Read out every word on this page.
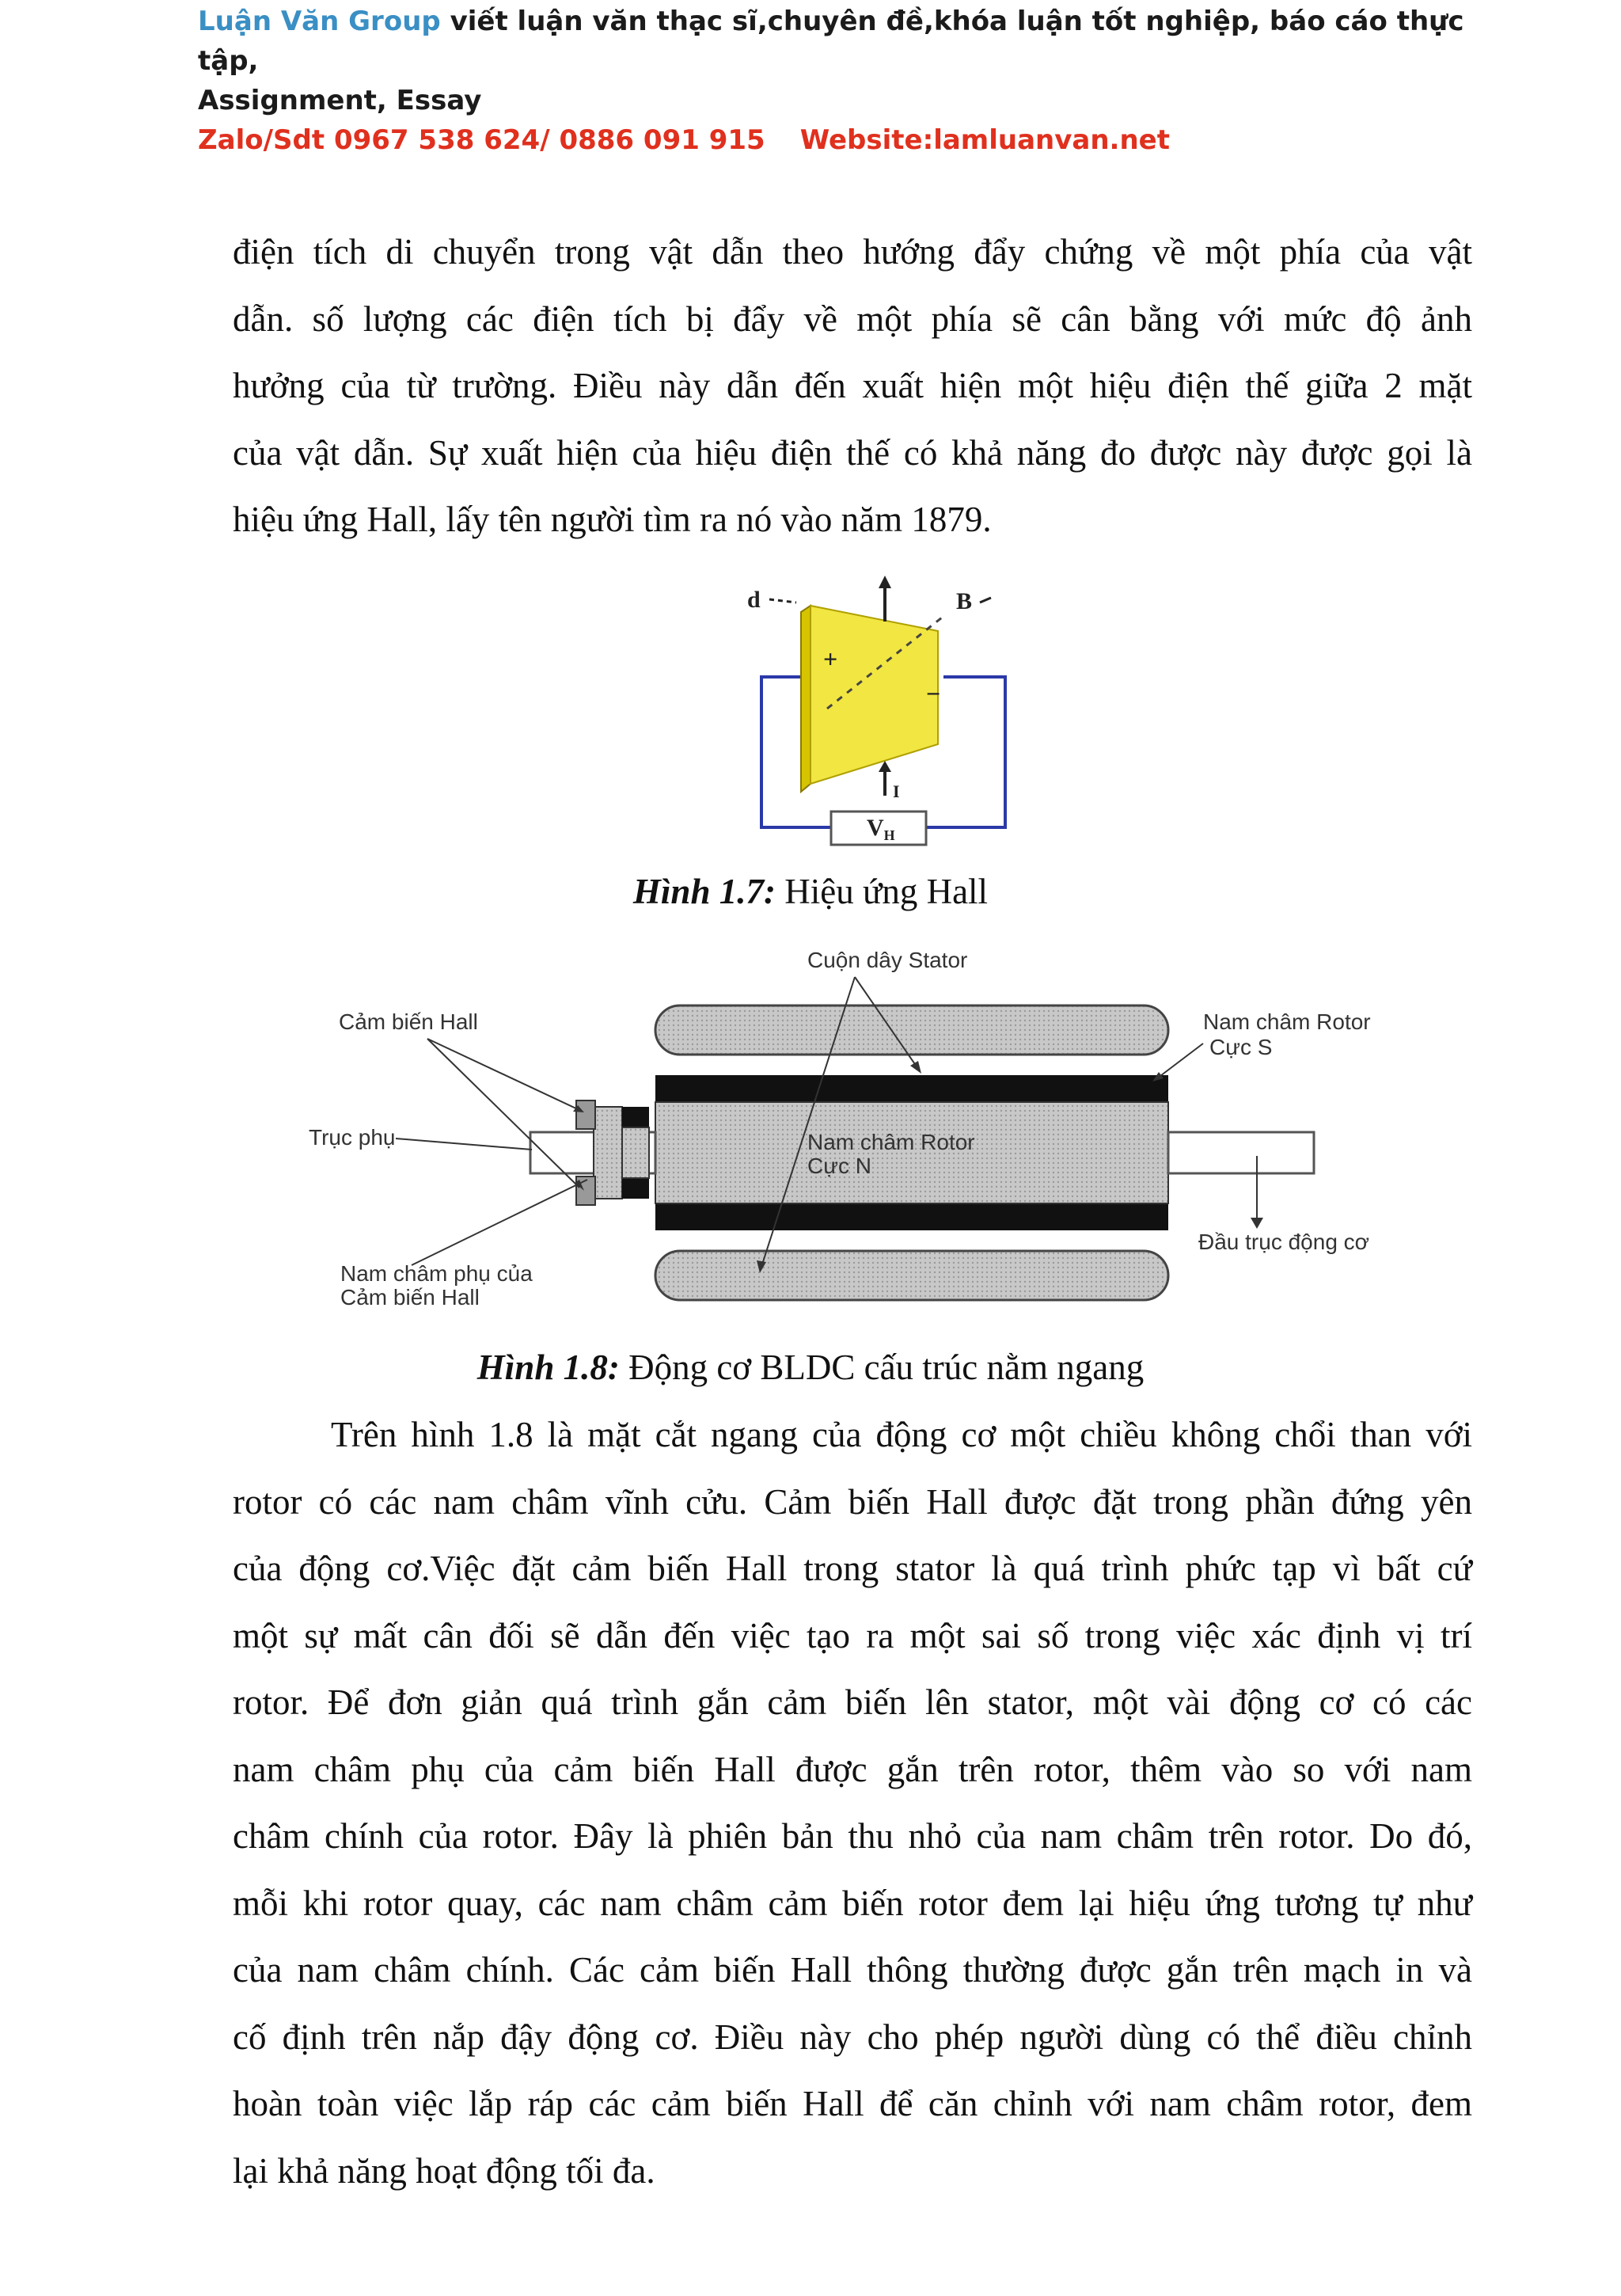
Luận Văn Group viết luận văn thạc sĩ,chuyên đề,khóa luận tốt nghiệp, báo cáo thực tập,
Assignment, Essay
Zalo/Sdt 0967 538 624/ 0886 091 915 Website:lamluanvan.net
điện tích di chuyển trong vật dẫn theo hướng đẩy chứng về một phía của vật
dẫn. số lượng các điện tích bị đẩy về một phía sẽ cân bằng với mức độ ảnh
hưởng của từ trường. Điều này dẫn đến xuất hiện một hiệu điện thế giữa 2 mặt
của vật dẫn. Sự xuất hiện của hiệu điện thế có khả năng đo được này được gọi là
hiệu ứng Hall, lấy tên người tìm ra nó vào năm 1879.
$V_H$
I
d	B
+
−
Hình 1.7: Hiệu ứng Hall
Cuộn dây Stator
Cảm biến Hall	Nam châm Rotor
Cực S
Trục phụ	Nam châm Rotor
Cực N
Đầu trục động cơ
Nam châm phụ của
Cảm biến Hall
Hình 1.8: Động cơ BLDC cấu trúc nằm ngang
Trên hình 1.8 là mặt cắt ngang của động cơ một chiều không chổi than với
rotor có các nam châm vĩnh cửu. Cảm biến Hall được đặt trong phần đứng yên
của động cơ.Việc đặt cảm biến Hall trong stator là quá trình phức tạp vì bất cứ
một sự mất cân đối sẽ dẫn đến việc tạo ra một sai số trong việc xác định vị trí
rotor. Để đơn giản quá trình gắn cảm biến lên stator, một vài động cơ có các
nam châm phụ của cảm biến Hall được gắn trên rotor, thêm vào so với nam
châm chính của rotor. Đây là phiên bản thu nhỏ của nam châm trên rotor. Do đó,
mỗi khi rotor quay, các nam châm cảm biến rotor đem lại hiệu ứng tương tự như
của nam châm chính. Các cảm biến Hall thông thường được gắn trên mạch in và
cố định trên nắp đậy động cơ. Điều này cho phép người dùng có thể điều chỉnh
hoàn toàn việc lắp ráp các cảm biến Hall để căn chỉnh với nam châm rotor, đem
lại khả năng hoạt động tối đa.
